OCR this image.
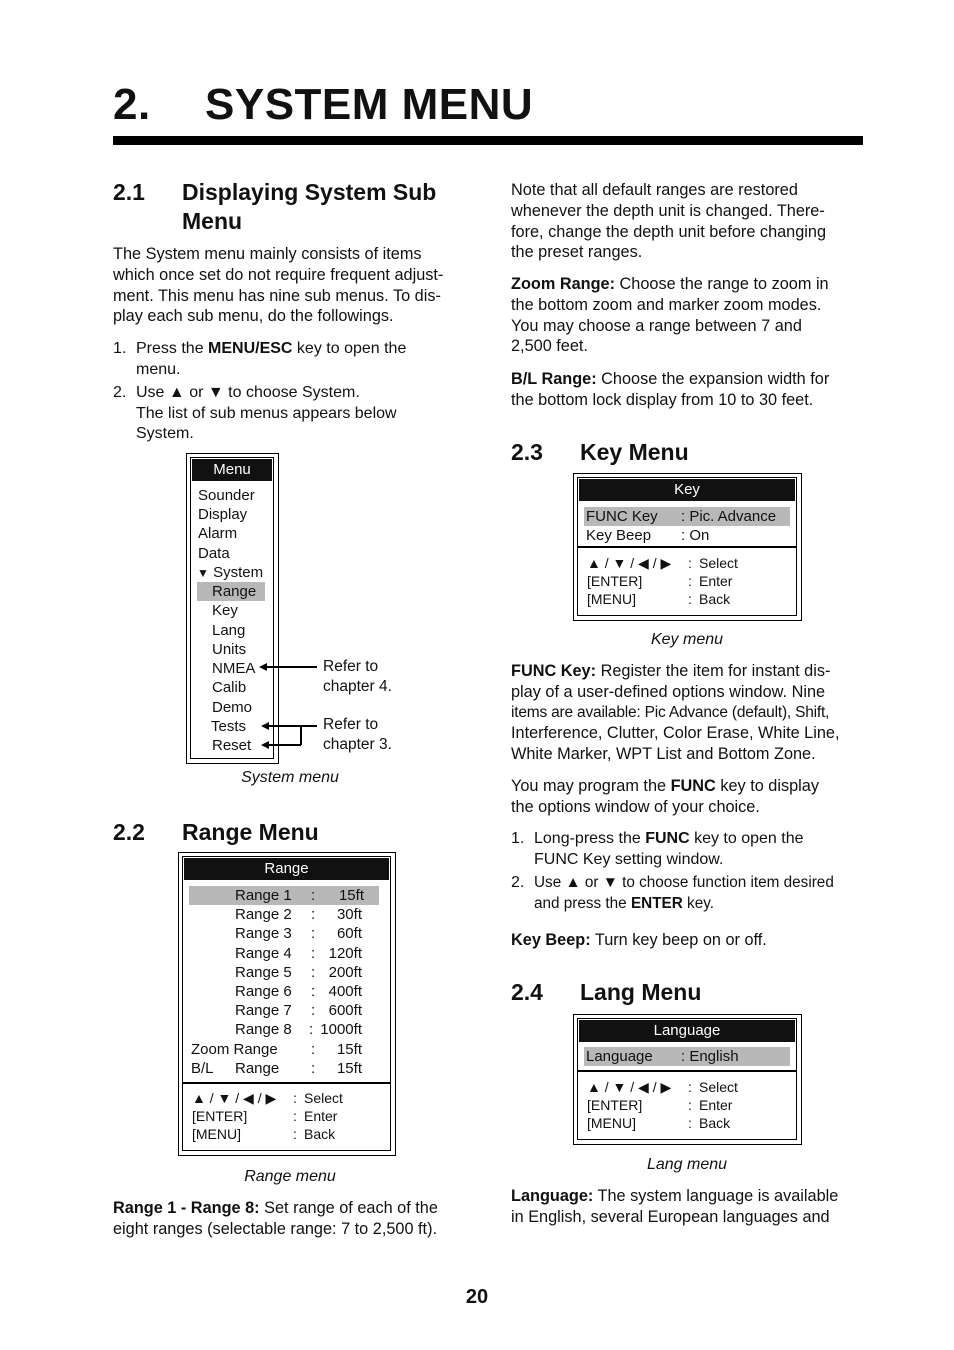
2. SYSTEM MENU
2.1 Displaying System Sub
Menu
The System menu mainly consists of items
which once set do not require frequent adjust-
ment. This menu has nine sub menus. To dis-
play each sub menu, do the followings.
1. Press the MENU/ESC key to open the
menu.
2. Use ▲ or ▼ to choose System.
The list of sub menus appears below
System.
Menu
Sounder
Display
Alarm
Data
▼ System
Range
Key
Lang
Units
NMEA
Calib
Demo
Tests
Reset
Refer to
chapter 4.
Refer to
chapter 3.
System menu
2.2 Range Menu
Range
Range 1 : 15ft
Range 2 : 30ft
Range 3 : 60ft
Range 4 : 120ft
Range 5 : 200ft
Range 6 : 400ft
Range 7 : 600ft
Range 8 : 1000ft
Zoom Range : 15ft
B/L Range : 15ft
▲ / ▼ / ◀ / ▶ : Select
[ENTER]	: Enter
[MENU]	: Back
Range menu
Range 1 - Range 8: Set range of each of the
eight ranges (selectable range: 7 to 2,500 ft).
Note that all default ranges are restored
whenever the depth unit is changed. There-
fore, change the depth unit before changing
the preset ranges.
Zoom Range: Choose the range to zoom in
the bottom zoom and marker zoom modes.
You may choose a range between 7 and
2,500 feet.
B/L Range: Choose the expansion width for
the bottom lock display from 10 to 30 feet.
2.3 Key Menu
Key
FUNC Key : Pic. Advance
Key Beep : On
▲ / ▼ / ◀ / ▶ : Select
[ENTER]	: Enter
[MENU]	: Back
Key menu
FUNC Key: Register the item for instant dis-
play of a user-defined options window. Nine
items are available: Pic Advance (default), Shift,
Interference, Clutter, Color Erase, White Line,
White Marker, WPT List and Bottom Zone.
You may program the FUNC key to display
the options window of your choice.
1. Long-press the FUNC key to open the
FUNC Key setting window.
2. Use ▲ or ▼ to choose function item desired
and press the ENTER key.
Key Beep: Turn key beep on or off.
2.4 Lang Menu
Language
Language : English
▲ / ▼ / ◀ / ▶ : Select
[ENTER]	: Enter
[MENU]	: Back
Lang menu
Language: The system language is available
in English, several European languages and
20
